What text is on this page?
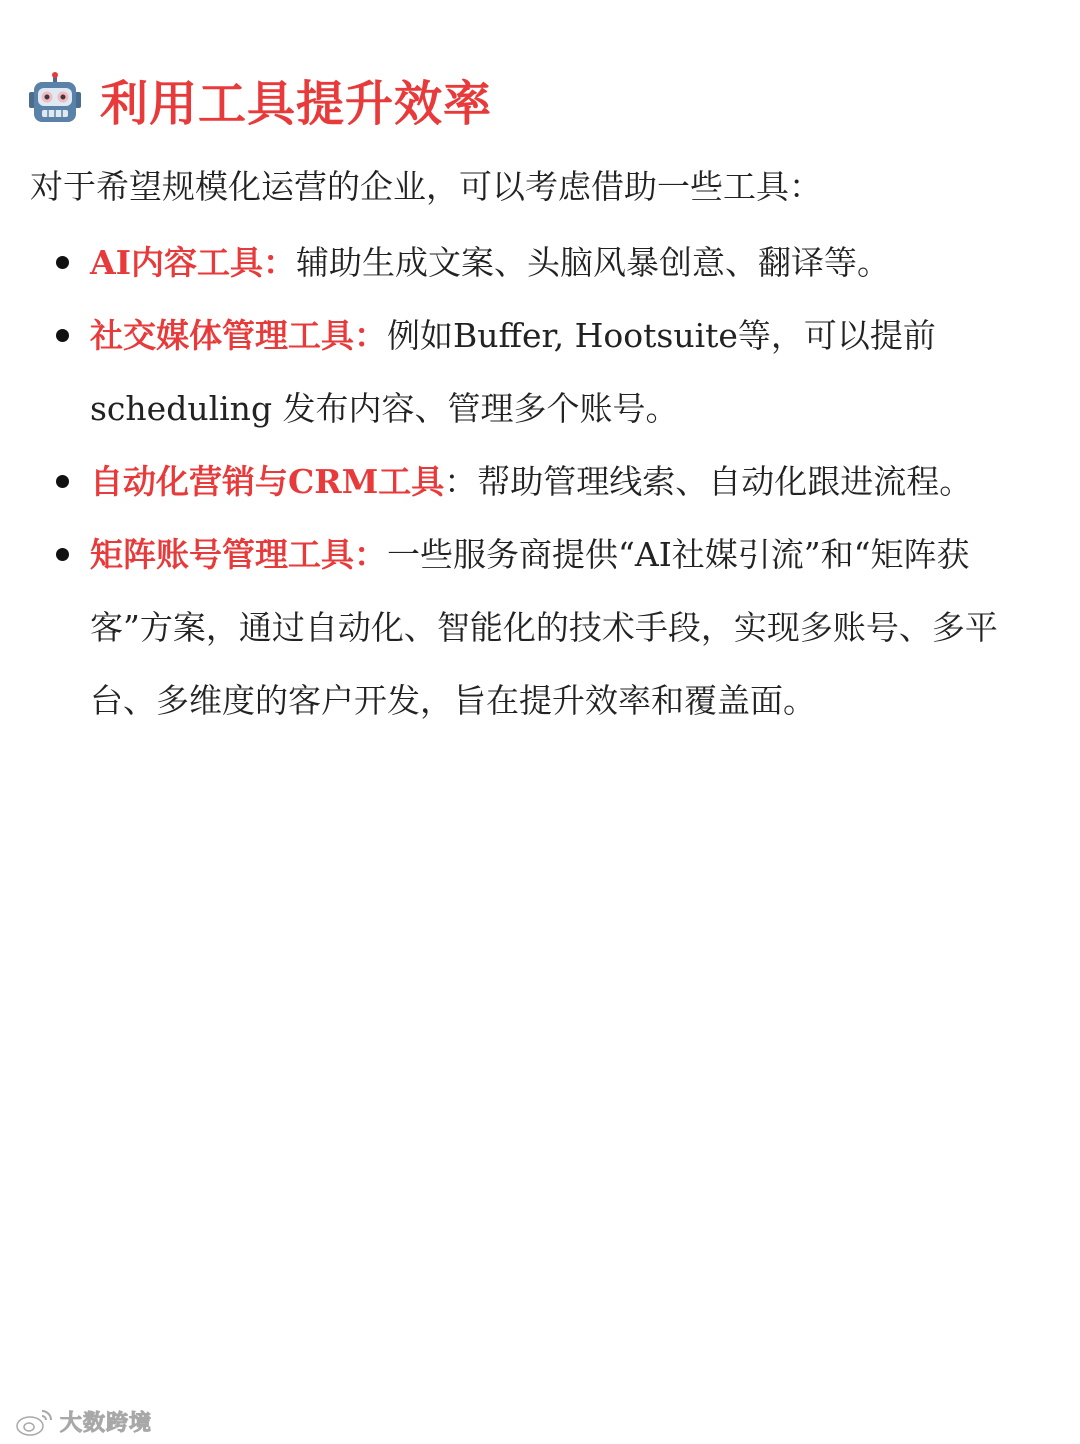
利用工具提升效率
对于希望规模化运营的企业，可以考虑借助一些工具：
AI内容工具：辅助生成文案、头脑风暴创意、翻译等。
社交媒体管理工具：例如Buffer, Hootsuite等，可以提前scheduling 发布内容、管理多个账号。
自动化营销与CRM工具：帮助管理线索、自动化跟进流程。
矩阵账号管理工具：一些服务商提供“AI社媒引流”和“矩阵获客”方案，通过自动化、智能化的技术手段，实现多账号、多平台、多维度的客户开发，旨在提升效率和覆盖面。
大数跨境
